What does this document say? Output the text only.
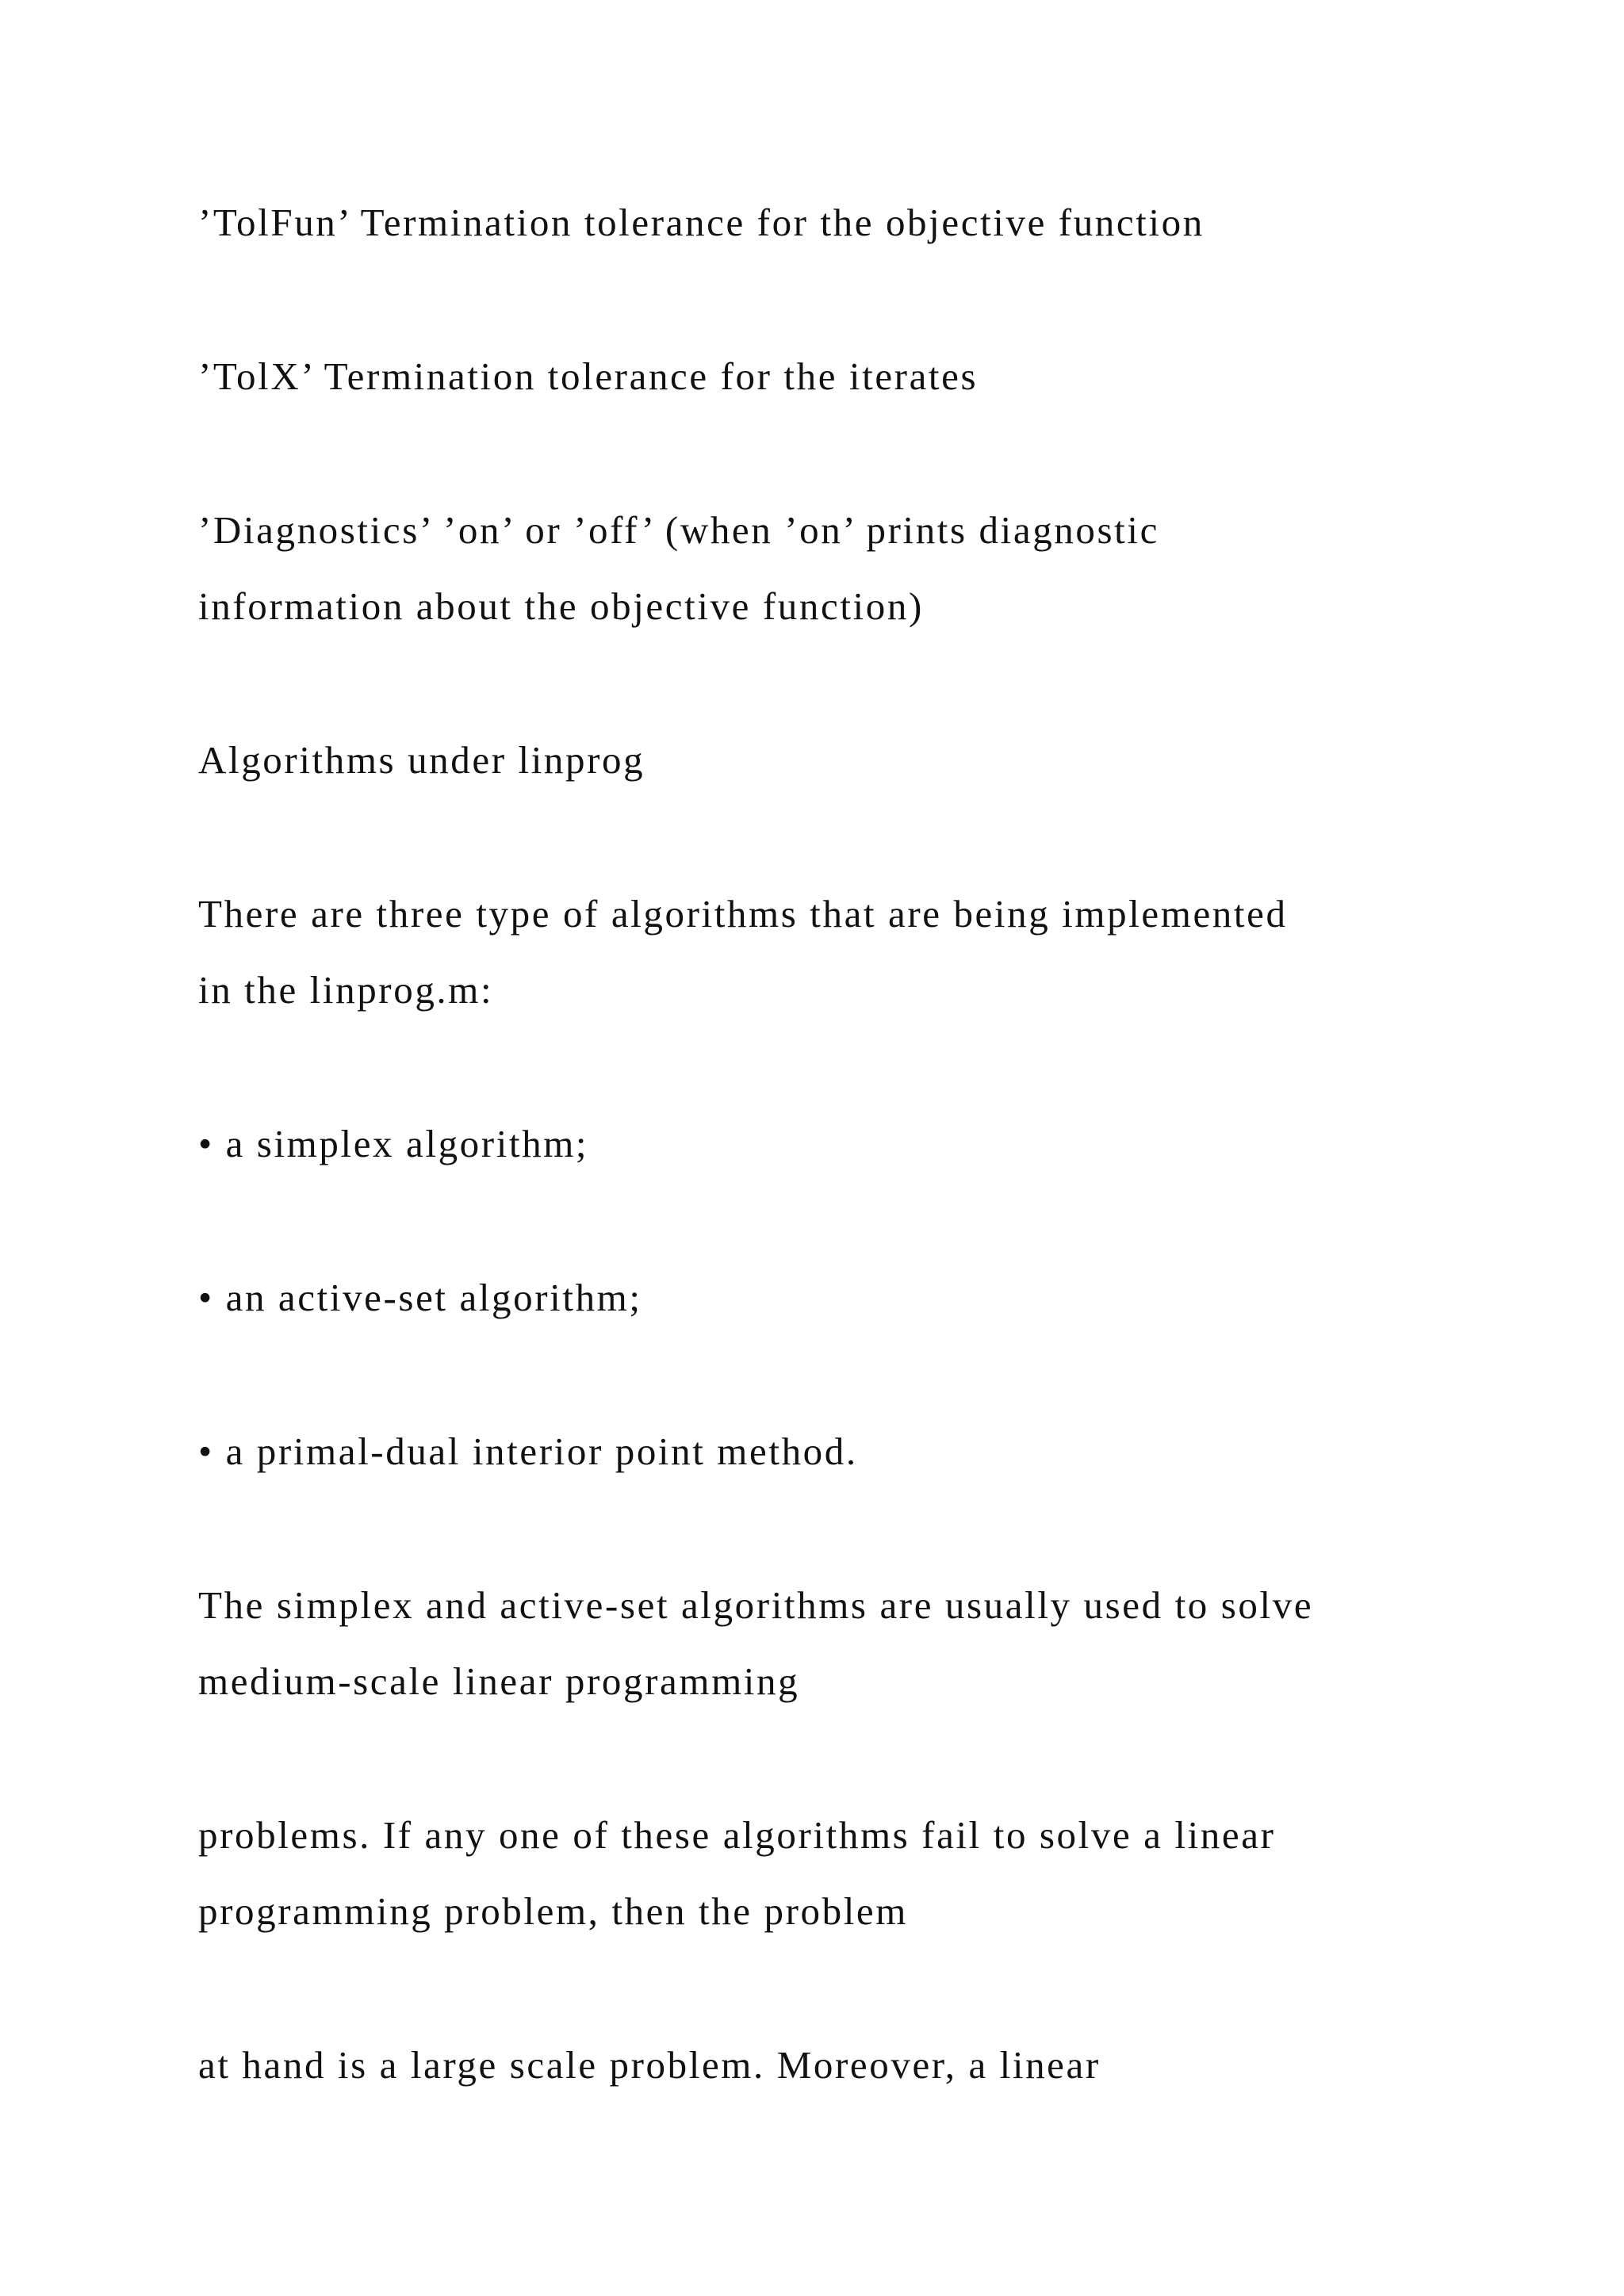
’TolFun’ Termination tolerance for the objective function

’TolX’ Termination tolerance for the iterates

’Diagnostics’ ’on’ or ’off’ (when ’on’ prints diagnostic
information about the objective function)

Algorithms under linprog

There are three type of algorithms that are being implemented
in the linprog.m:

• a simplex algorithm;

• an active-set algorithm;

• a primal-dual interior point method.

The simplex and active-set algorithms are usually used to solve
medium-scale linear programming

problems. If any one of these algorithms fail to solve a linear
programming problem, then the problem

at hand is a large scale problem. Moreover, a linear
